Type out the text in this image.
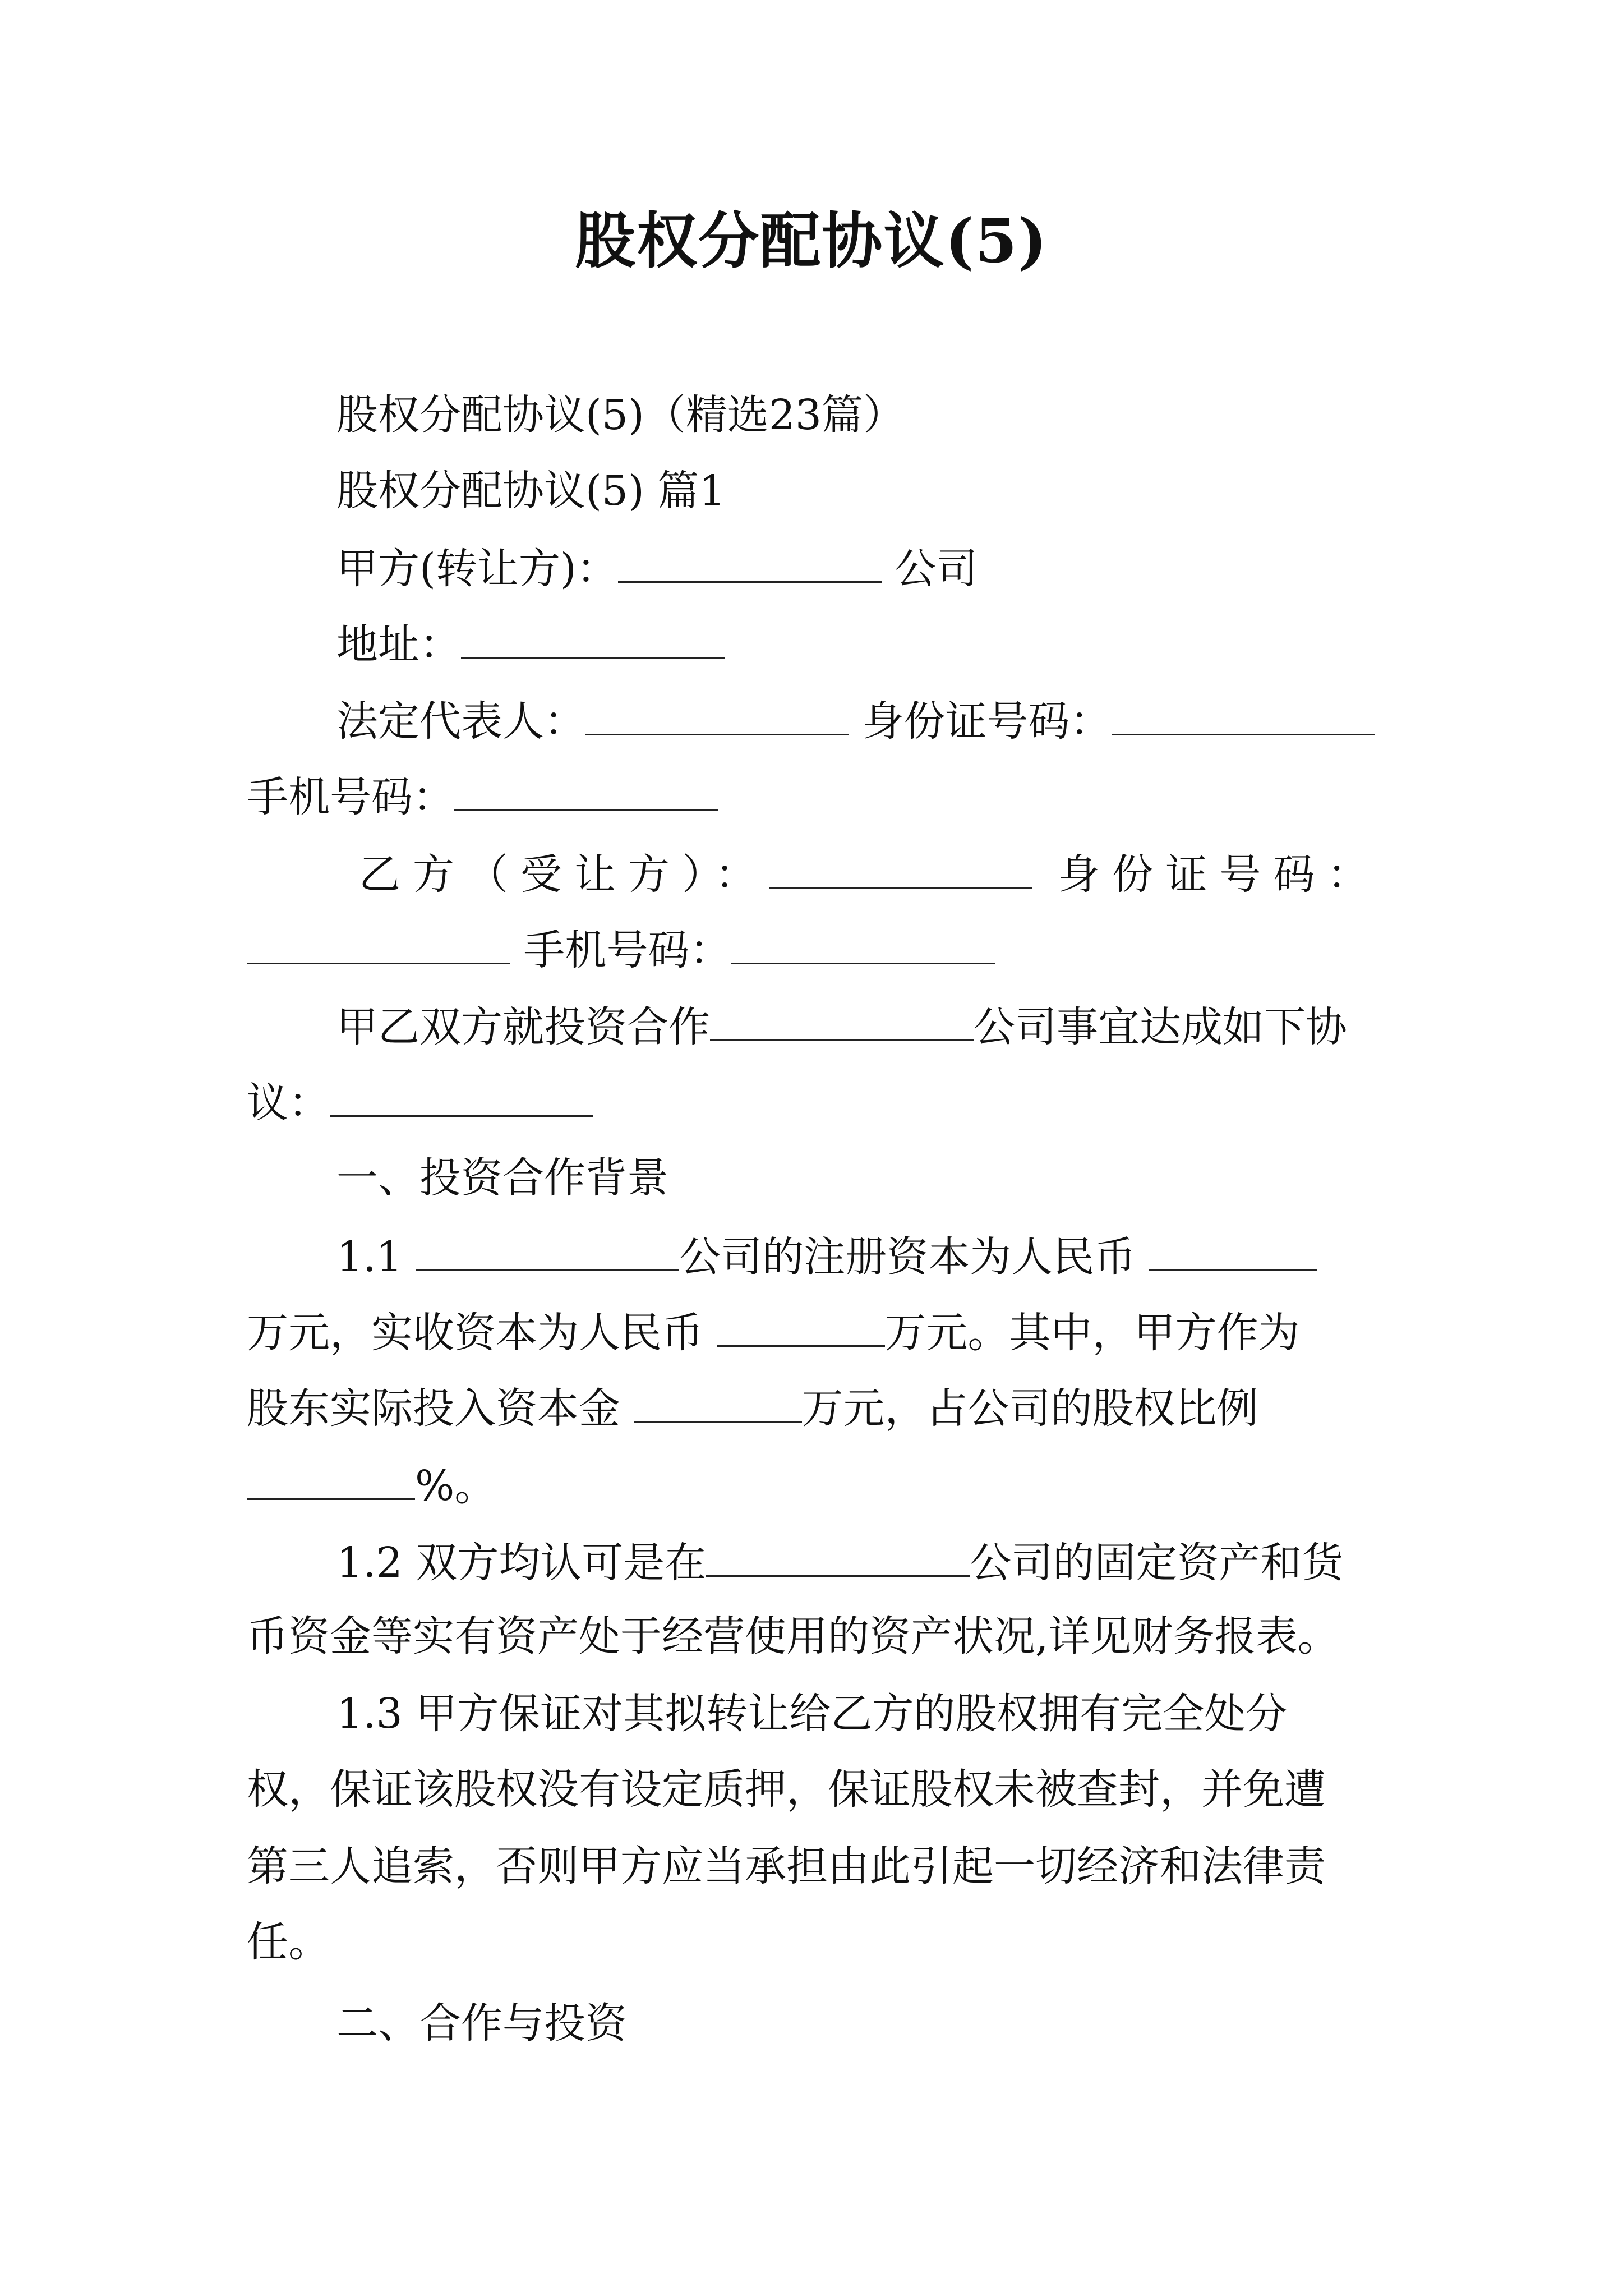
股权分配协议(5)
股权分配协议(5)（精选23篇）
股权分配协议(5) 篇1
甲方(转让方)：	公司
地址：
法定代表人：	身份证号码：
手机号码：
乙方（受让方）：	身份证号码：
手机号码：
甲乙双方就投资合作	公司事宜达成如下协
议：
一、投资合作背景
1.1	公司的注册资本为人民币
万元，实收资本为人民币	万元。其中，甲方作为
股东实际投入资本金	万元，占公司的股权比例
%。
1.2 双方均认可是在	公司的固定资产和货
币资金等实有资产处于经营使用的资产状况,详见财务报表。
1.3 甲方保证对其拟转让给乙方的股权拥有完全处分
权，保证该股权没有设定质押，保证股权未被查封，并免遭
第三人追索，否则甲方应当承担由此引起一切经济和法律责
任。
二、合作与投资
